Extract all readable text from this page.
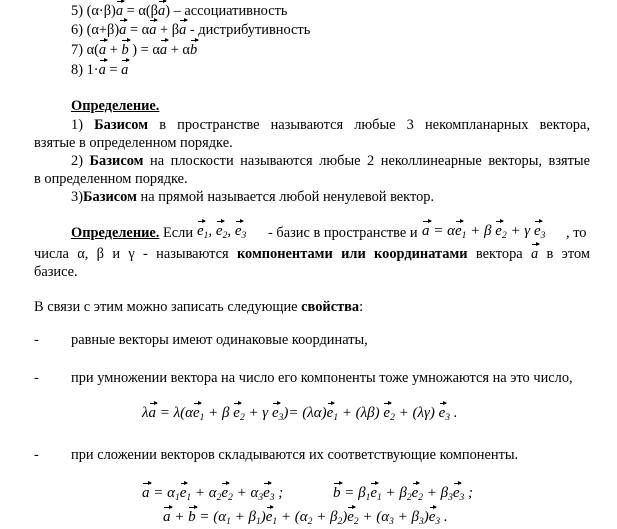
5) (α·β)a = α(βa) – ассоциативность
6) (α+β)a = αa + βa - дистрибутивность
7) α(a + b ) = αa + αb
8) 1·a = a
Определение.
1) Базисом в пространстве называются любые 3 некомпланарных вектора,
взятые в определенном порядке.
2) Базисом на плоскости называются любые 2 неколлинеарные векторы, взятые
в определенном порядке.
3)Базисом на прямой называется любой ненулевой вектор.
Определение. Если $e_1$, $e_2$, $e_3$ - базис в пространстве и $a = \alpha e_1 + \beta$ $e_2 + \gamma$ $e_3$ , то
числа α, β и γ - называются компонентами или координатами вектора a в этом
базисе.
В связи с этим можно записать следующие свойства:
- равные векторы имеют одинаковые координаты,
- при умножении вектора на число его компоненты тоже умножаются на это число,
$\lambda a = \lambda(\alpha e_1 + \beta$ $e_2 + \gamma$ $e_3)= (\lambda\alpha)e_1 + (\lambda\beta)$ $e_2 + (\lambda\gamma)$ $e_3$ .
- при сложении векторов складываются их соответствующие компоненты.
$a = \alpha_1e_1 + \alpha_2e_2 + \alpha_3e_3$ ;	$b = \beta_1e_1 + \beta_2e_2 + \beta_3e_3$ ;
$a + b = (\alpha_1 + \beta_1)e_1 + (\alpha_2 + \beta_2)e_2 + (\alpha_3 + \beta_3)e_3$ .
